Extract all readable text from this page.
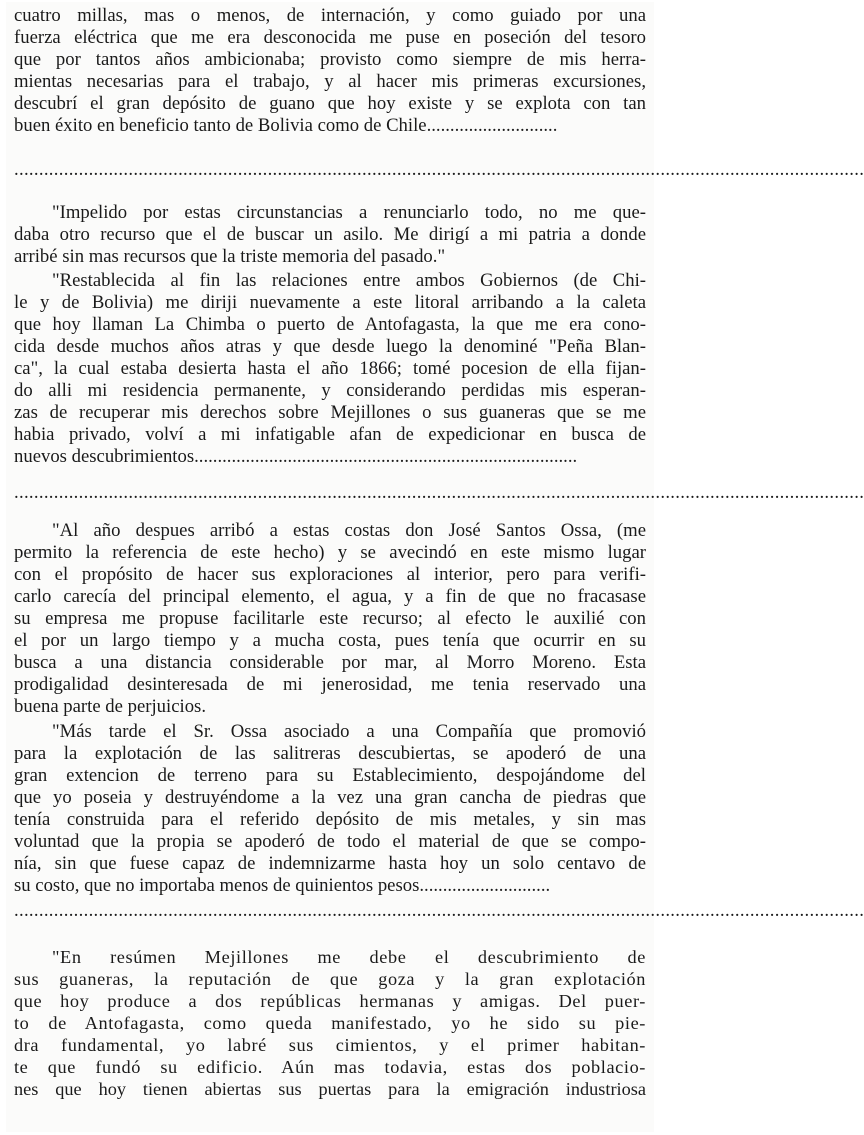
cuatro millas, mas o menos, de internación, y como guiado por una
fuerza eléctrica que me era desconocida me puse en poseción del tesoro
que por tantos años ambicionaba; provisto como siempre de mis herra-
mientas necesarias para el trabajo, y al hacer mis primeras excursiones,
descubrí el gran depósito de guano que hoy existe y se explota con tan
buen éxito en beneficio tanto de Bolivia como de Chile............................
...........................................................................................................................................................................
"Impelido por estas circunstancias a renunciarlo todo, no me que-
daba otro recurso que el de buscar un asilo. Me dirigí a mi patria a donde
arribé sin mas recursos que la triste memoria del pasado."
"Restablecida al fin las relaciones entre ambos Gobiernos (de Chi-
le y de Bolivia) me diriji nuevamente a este litoral arribando a la caleta
que hoy llaman La Chimba o puerto de Antofagasta, la que me era cono-
cida desde muchos años atras y que desde luego la denominé "Peña Blan-
ca", la cual estaba desierta hasta el año 1866; tomé pocesion de ella fijan-
do alli mi residencia permanente, y considerando perdidas mis esperan-
zas de recuperar mis derechos sobre Mejillones o sus guaneras que se me
habia privado, volví a mi infatigable afan de expedicionar en busca de
nuevos descubrimientos..................................................................................
...........................................................................................................................................................................
"Al año despues arribó a estas costas don José Santos Ossa, (me
permito la referencia de este hecho) y se avecindó en este mismo lugar
con el propósito de hacer sus exploraciones al interior, pero para verifi-
carlo carecía del principal elemento, el agua, y a fin de que no fracasase
su empresa me propuse facilitarle este recurso; al efecto le auxilié con
el por un largo tiempo y a mucha costa, pues tenía que ocurrir en su
busca a una distancia considerable por mar, al Morro Moreno. Esta
prodigalidad desinteresada de mi jenerosidad, me tenia reservado una
buena parte de perjuicios.
"Más tarde el Sr. Ossa asociado a una Compañía que promovió
para la explotación de las salitreras descubiertas, se apoderó de una
gran extencion de terreno para su Establecimiento, despojándome del
que yo poseia y destruyéndome a la vez una gran cancha de piedras que
tenía construida para el referido depósito de mis metales, y sin mas
voluntad que la propia se apoderó de todo el material de que se compo-
nía, sin que fuese capaz de indemnizarme hasta hoy un solo centavo de
su costo, que no importaba menos de quinientos pesos............................
...........................................................................................................................................................................
"En resúmen Mejillones me debe el descubrimiento de
sus guaneras, la reputación de que goza y la gran explotación
que hoy produce a dos repúblicas hermanas y amigas. Del puer-
to de Antofagasta, como queda manifestado, yo he sido su pie-
dra fundamental, yo labré sus cimientos, y el primer habitan-
te que fundó su edificio. Aún mas todavia, estas dos poblacio-
nes que hoy tienen abiertas sus puertas para la emigración industriosa
